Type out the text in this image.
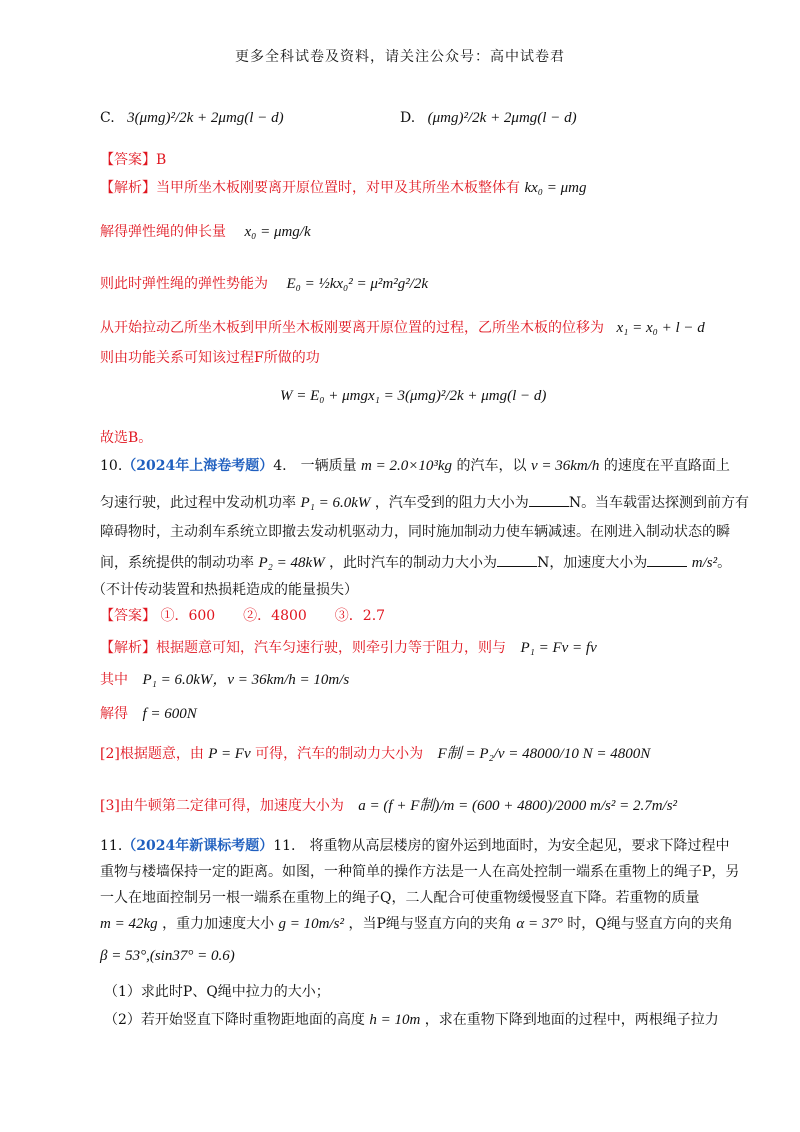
更多全科试卷及资料，请关注公众号：高中试卷君
C. 3(μmg)²/2k + 2μmg(l − d)	D. (μmg)²/2k + 2μmg(l − d)
【答案】B
【解析】当甲所坐木板刚要离开原位置时，对甲及其所坐木板整体有 kx₀ = μmg
解得弹性绳的伸长量 x₀ = μmg/k
则此时弹性绳的弹性势能为 E₀ = ½kx₀² = μ²m²g²/2k
从开始拉动乙所坐木板到甲所坐木板刚要离开原位置的过程，乙所坐木板的位移为 x₁ = x₀ + l − d
则由功能关系可知该过程F所做的功
W = E₀ + μmgx₁ = 3(μmg)²/2k + μmg(l − d)
故选B。
10.（2024年上海卷考题）4.　一辆质量 m = 2.0×10³kg 的汽车，以 v = 36km/h 的速度在平直路面上
匀速行驶，此过程中发动机功率 P₁ = 6.0kW ，汽车受到的阻力大小为	N。当车载雷达探测到前方有
障碍物时，主动刹车系统立即撤去发动机驱动力，同时施加制动力使车辆减速。在刚进入制动状态的瞬
间，系统提供的制动功率 P₂ = 48kW ，此时汽车的制动力大小为	N，加速度大小为	m/s²。
（不计传动装置和热损耗造成的能量损失）
【答案】 ①．600　　②．4800　　③．2.7
【解析】根据题意可知，汽车匀速行驶，则牵引力等于阻力，则与 P₁ = Fv = fv
其中 P₁ = 6.0kW，v = 36km/h = 10m/s
解得 f = 600N
[2]根据题意，由 P = Fv 可得，汽车的制动力大小为 F制 = P₂/v = 48000/10 N = 4800N
[3]由牛顿第二定律可得，加速度大小为 a = (f + F制)/m = (600 + 4800)/2000 m/s² = 2.7m/s²
11.（2024年新课标考题）11.　将重物从高层楼房的窗外运到地面时，为安全起见，要求下降过程中
重物与楼墙保持一定的距离。如图，一种简单的操作方法是一人在高处控制一端系在重物上的绳子P，另
一人在地面控制另一根一端系在重物上的绳子Q，二人配合可使重物缓慢竖直下降。若重物的质量
m = 42kg ，重力加速度大小 g = 10m/s² ，当P绳与竖直方向的夹角 α = 37° 时，Q绳与竖直方向的夹角
β = 53°,(sin37° = 0.6)
（1）求此时P、Q绳中拉力的大小；
（2）若开始竖直下降时重物距地面的高度 h = 10m ，求在重物下降到地面的过程中，两根绳子拉力
